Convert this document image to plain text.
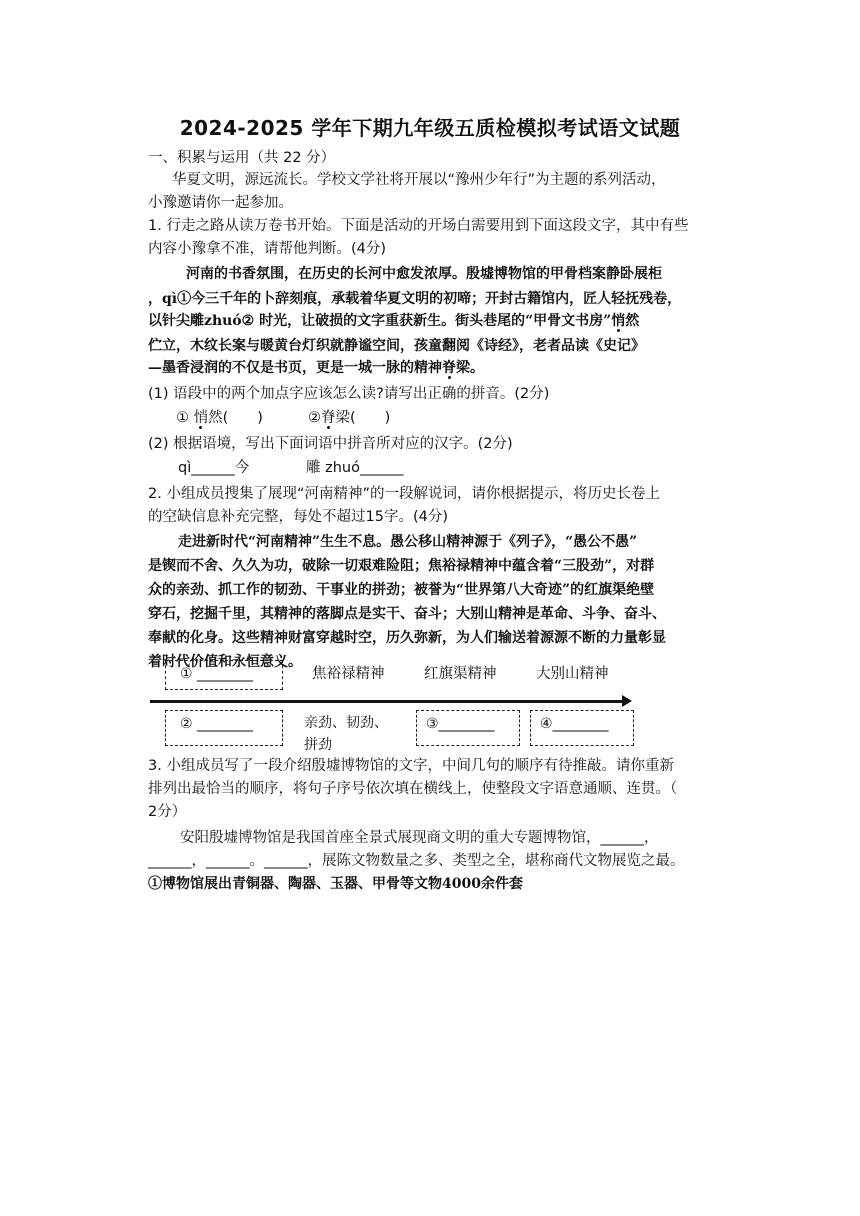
2024-2025 学年下期九年级五质检模拟考试语文试题
一、积累与运用（共 22 分）
华夏文明，源远流长。学校文学社将开展以“豫州少年行”为主题的系列活动，
小豫邀请你一起参加。
1. 行走之路从读万卷书开始。下面是活动的开场白需要用到下面这段文字，其中有些
内容小豫拿不准，请帮他判断。(4分)
河南的书香氛围，在历史的长河中愈发浓厚。殷墟博物馆的甲骨档案静卧展柜
，qì①今三千年的卜辞刻痕，承载着华夏文明的初啼；开封古籍馆内，匠人轻抚残卷，
以针尖雕zhuó② 时光，让破损的文字重获新生。街头巷尾的“甲骨文书房”悄然
伫立，木纹长案与暖黄台灯织就静谧空间，孩童翻阅《诗经》，老者品读《史记》
—墨香浸润的不仅是书页，更是一城一脉的精神脊梁。
(1) 语段中的两个加点字应该怎么读?请写出正确的拼音。(2分)
① 悄然(　　)	②脊梁(　　)
(2) 根据语境，写出下面词语中拼音所对应的汉字。(2分)
qì______今	雕 zhuó______
2. 小组成员搜集了展现“河南精神”的一段解说词，请你根据提示，将历史长卷上
的空缺信息补充完整，每处不超过15字。(4分)
走进新时代“河南精神”生生不息。愚公移山精神源于《列子》，“愚公不愚”
是锲而不舍、久久为功，破除一切艰难险阻；焦裕禄精神中蕴含着“三股劲”，对群
众的亲劲、抓工作的韧劲、干事业的拼劲；被誉为“世界第八大奇迹”的红旗渠绝壁
穿石，挖掘千里，其精神的落脚点是实干、奋斗；大别山精神是革命、斗争、奋斗、
奉献的化身。这些精神财富穿越时空，历久弥新，为人们输送着源源不断的力量彰显
着时代价值和永恒意义。
① ________	焦裕禄精神	红旗渠精神	大别山精神
② ________	亲劲、韧劲、
拼劲
③________	④________
3. 小组成员写了一段介绍殷墟博物馆的文字，中间几句的顺序有待推敲。请你重新
排列出最恰当的顺序，将句子序号依次填在横线上，使整段文字语意通顺、连贯。（
2分）
安阳殷墟博物馆是我国首座全景式展现商文明的重大专题博物馆，______，
______，______。______，展陈文物数量之多、类型之全，堪称商代文物展览之最。
①博物馆展出青铜器、陶器、玉器、甲骨等文物4000余件套
